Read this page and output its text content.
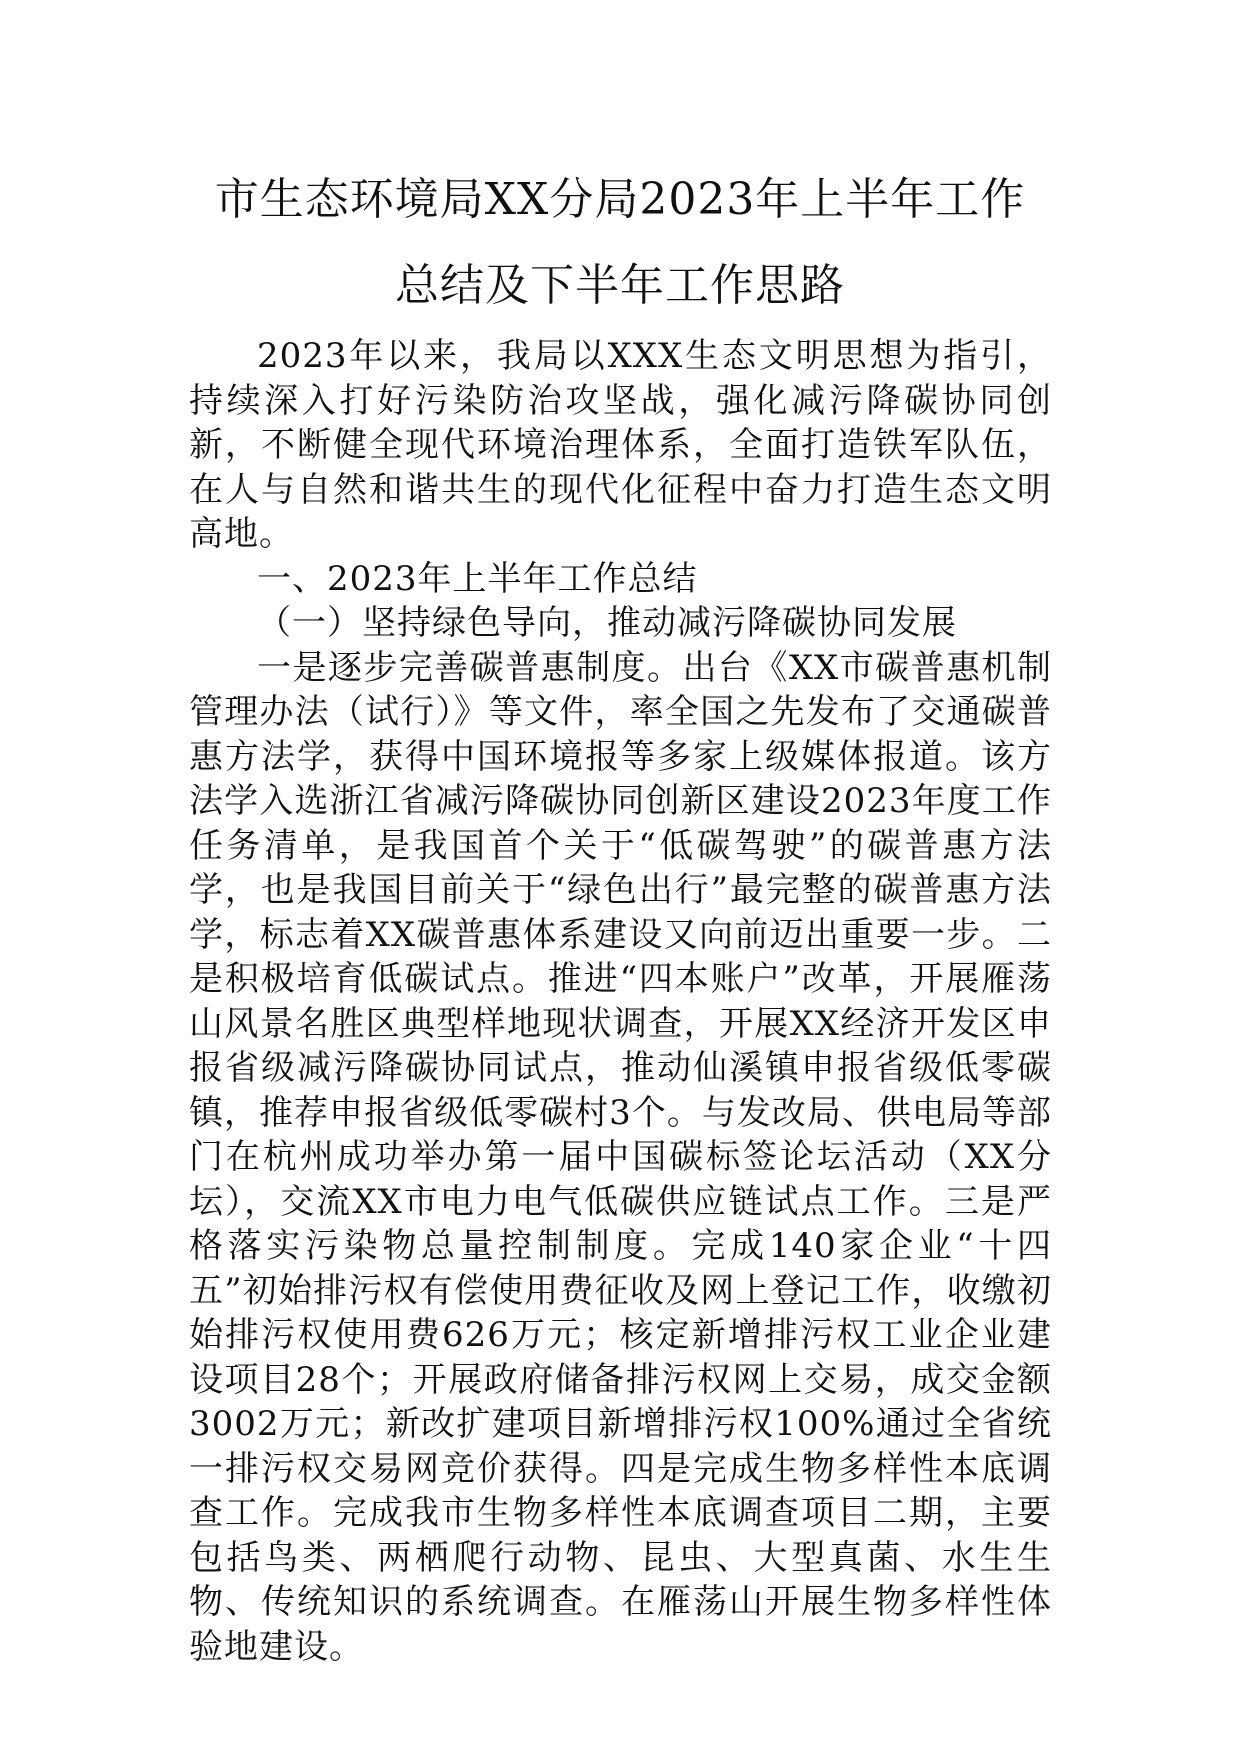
市生态环境局XX分局2023年上半年工作
总结及下半年工作思路

2023年以来，我局以XXX生态文明思想为指引，持续深入打好污染防治攻坚战，强化减污降碳协同创新，不断健全现代环境治理体系，全面打造铁军队伍，在人与自然和谐共生的现代化征程中奋力打造生态文明高地。

一、2023年上半年工作总结

（一）坚持绿色导向，推动减污降碳协同发展

一是逐步完善碳普惠制度。出台《XX市碳普惠机制管理办法（试行）》等文件，率全国之先发布了交通碳普惠方法学，获得中国环境报等多家上级媒体报道。该方法学入选浙江省减污降碳协同创新区建设2023年度工作任务清单，是我国首个关于“低碳驾驶”的碳普惠方法学，也是我国目前关于“绿色出行”最完整的碳普惠方法学，标志着XX碳普惠体系建设又向前迈出重要一步。二是积极培育低碳试点。推进“四本账户”改革，开展雁荡山风景名胜区典型样地现状调查，开展XX经济开发区申报省级减污降碳协同试点，推动仙溪镇申报省级低零碳镇，推荐申报省级低零碳村3个。与发改局、供电局等部门在杭州成功举办第一届中国碳标签论坛活动（XX分坛），交流XX市电力电气低碳供应链试点工作。三是严格落实污染物总量控制制度。完成140家企业“十四五”初始排污权有偿使用费征收及网上登记工作，收缴初始排污权使用费626万元；核定新增排污权工业企业建设项目28个；开展政府储备排污权网上交易，成交金额3002万元；新改扩建项目新增排污权100%通过全省统一排污权交易网竞价获得。四是完成生物多样性本底调查工作。完成我市生物多样性本底调查项目二期，主要包括鸟类、两栖爬行动物、昆虫、大型真菌、水生生物、传统知识的系统调查。在雁荡山开展生物多样性体验地建设。
